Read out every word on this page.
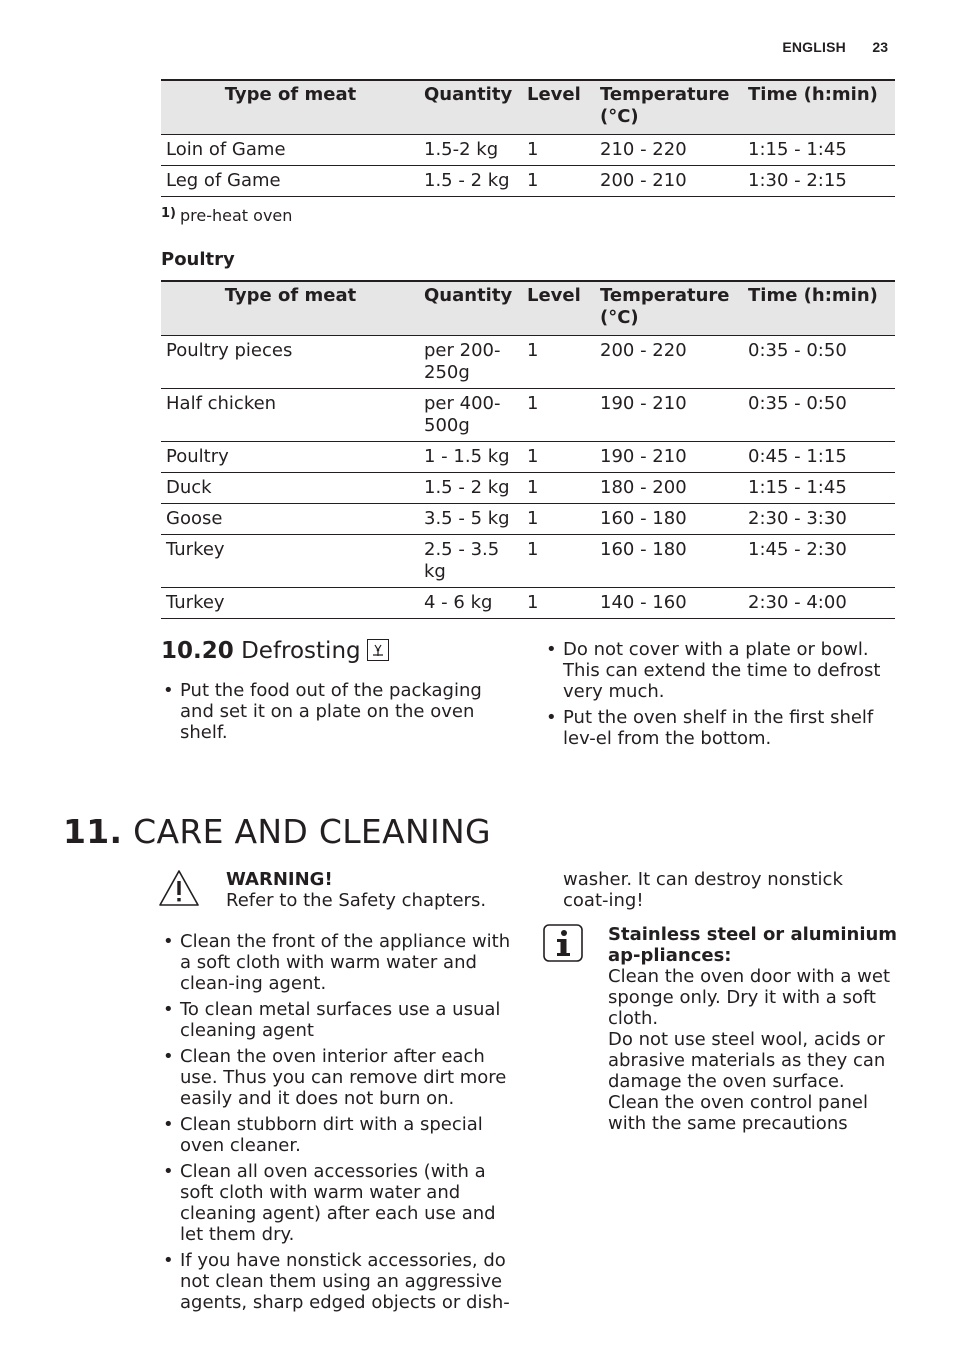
ENGLISH 23
Type of meat	Quantity	Level	Temperature (°C)	Time (h:min)
Loin of Game	1.5-2 kg	1	210 - 220	1:15 - 1:45
Leg of Game	1.5 - 2 kg	1	200 - 210	1:30 - 2:15
$^{1)}$ pre-heat oven
Poultry
Type of meat	Quantity	Level	Temperature (°C)	Time (h:min)
Poultry pieces	per 200-250g	1	200 - 220	0:35 - 0:50
Half chicken	per 400-500g	1	190 - 210	0:35 - 0:50
Poultry	1 - 1.5 kg	1	190 - 210	0:45 - 1:15
Duck	1.5 - 2 kg	1	180 - 200	1:15 - 1:45
Goose	3.5 - 5 kg	1	160 - 180	2:30 - 3:30
Turkey	2.5 - 3.5 kg	1	160 - 180	1:45 - 2:30
Turkey	4 - 6 kg	1	140 - 160	2:30 - 4:00
10.20 Defrosting
• Put the food out of the packaging and set it on a plate on the oven shelf.
• Do not cover with a plate or bowl. This can extend the time to defrost very much.
• Put the oven shelf in the first shelf lev-el from the bottom.
11. CARE AND CLEANING
WARNING!
Refer to the Safety chapters.
• Clean the front of the appliance with a soft cloth with warm water and clean-ing agent.
• To clean metal surfaces use a usual cleaning agent
• Clean the oven interior after each use. Thus you can remove dirt more easily and it does not burn on.
• Clean stubborn dirt with a special oven cleaner.
• Clean all oven accessories (with a soft cloth with warm water and cleaning agent) after each use and let them dry.
• If you have nonstick accessories, do not clean them using an aggressive agents, sharp edged objects or dish-
washer. It can destroy nonstick coat-ing!
Stainless steel or aluminium ap-pliances:
Clean the oven door with a wet sponge only. Dry it with a soft cloth.
Do not use steel wool, acids or abrasive materials as they can damage the oven surface. Clean the oven control panel with the same precautions
